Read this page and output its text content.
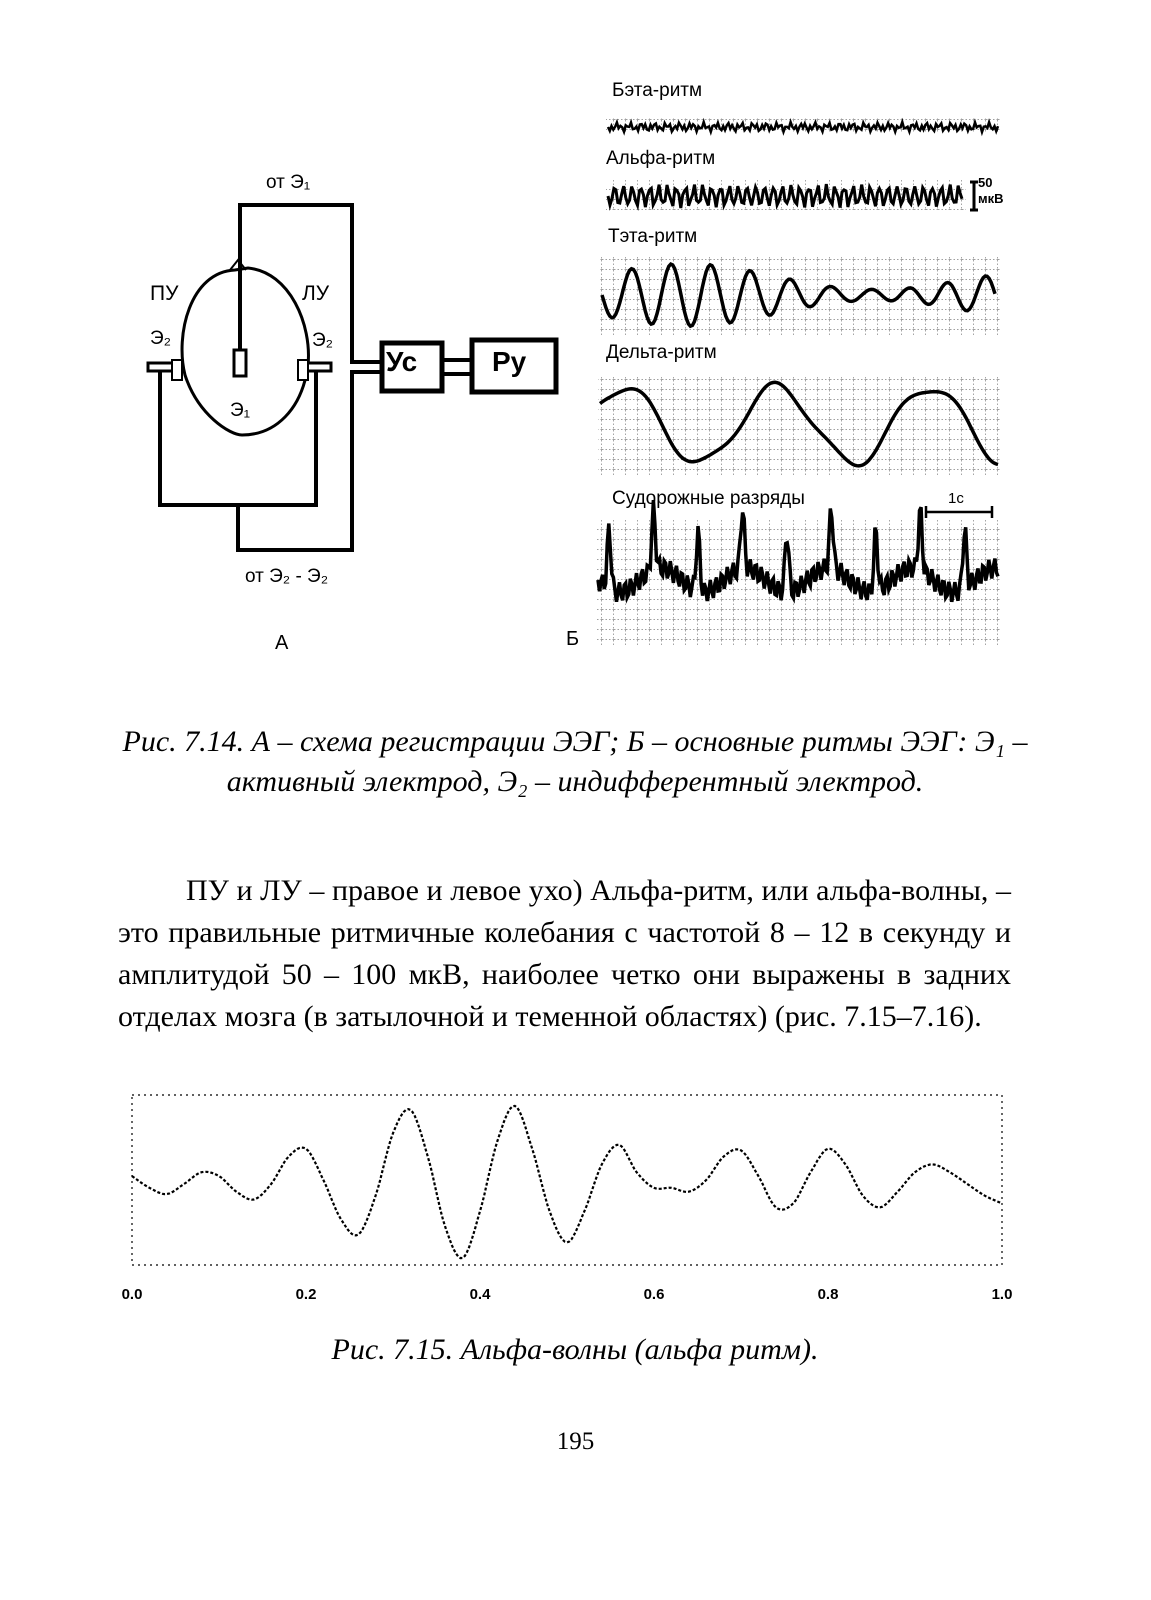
от Э₁
ПУ	ЛУ
Э₂	Э₂
Э₁
Ус	Ру
от Э₂ - Э₂
А
Бэта-ритм
Альфа-ритм
Тэта-ритм
Дельта-ритм
Судорожные разряды
50
мкВ
1с
Б
Рис. 7.14. А – схема регистрации ЭЭГ; Б – основные ритмы ЭЭГ: Э₁ – активный электрод, Э₂ – индифферентный электрод.

ПУ и ЛУ – правое и левое ухо) Альфа-ритм, или альфа-волны, – это правильные ритмичные колебания с частотой 8 – 12 в секунду и амплитудой 50 – 100 мкВ, наиболее четко они выражены в задних отделах мозга (в затылочной и теменной областях) (рис. 7.15–7.16).

0.0	0.2	0.4	0.6	0.8	1.0
Рис. 7.15. Альфа-волны (альфа ритм).
195
